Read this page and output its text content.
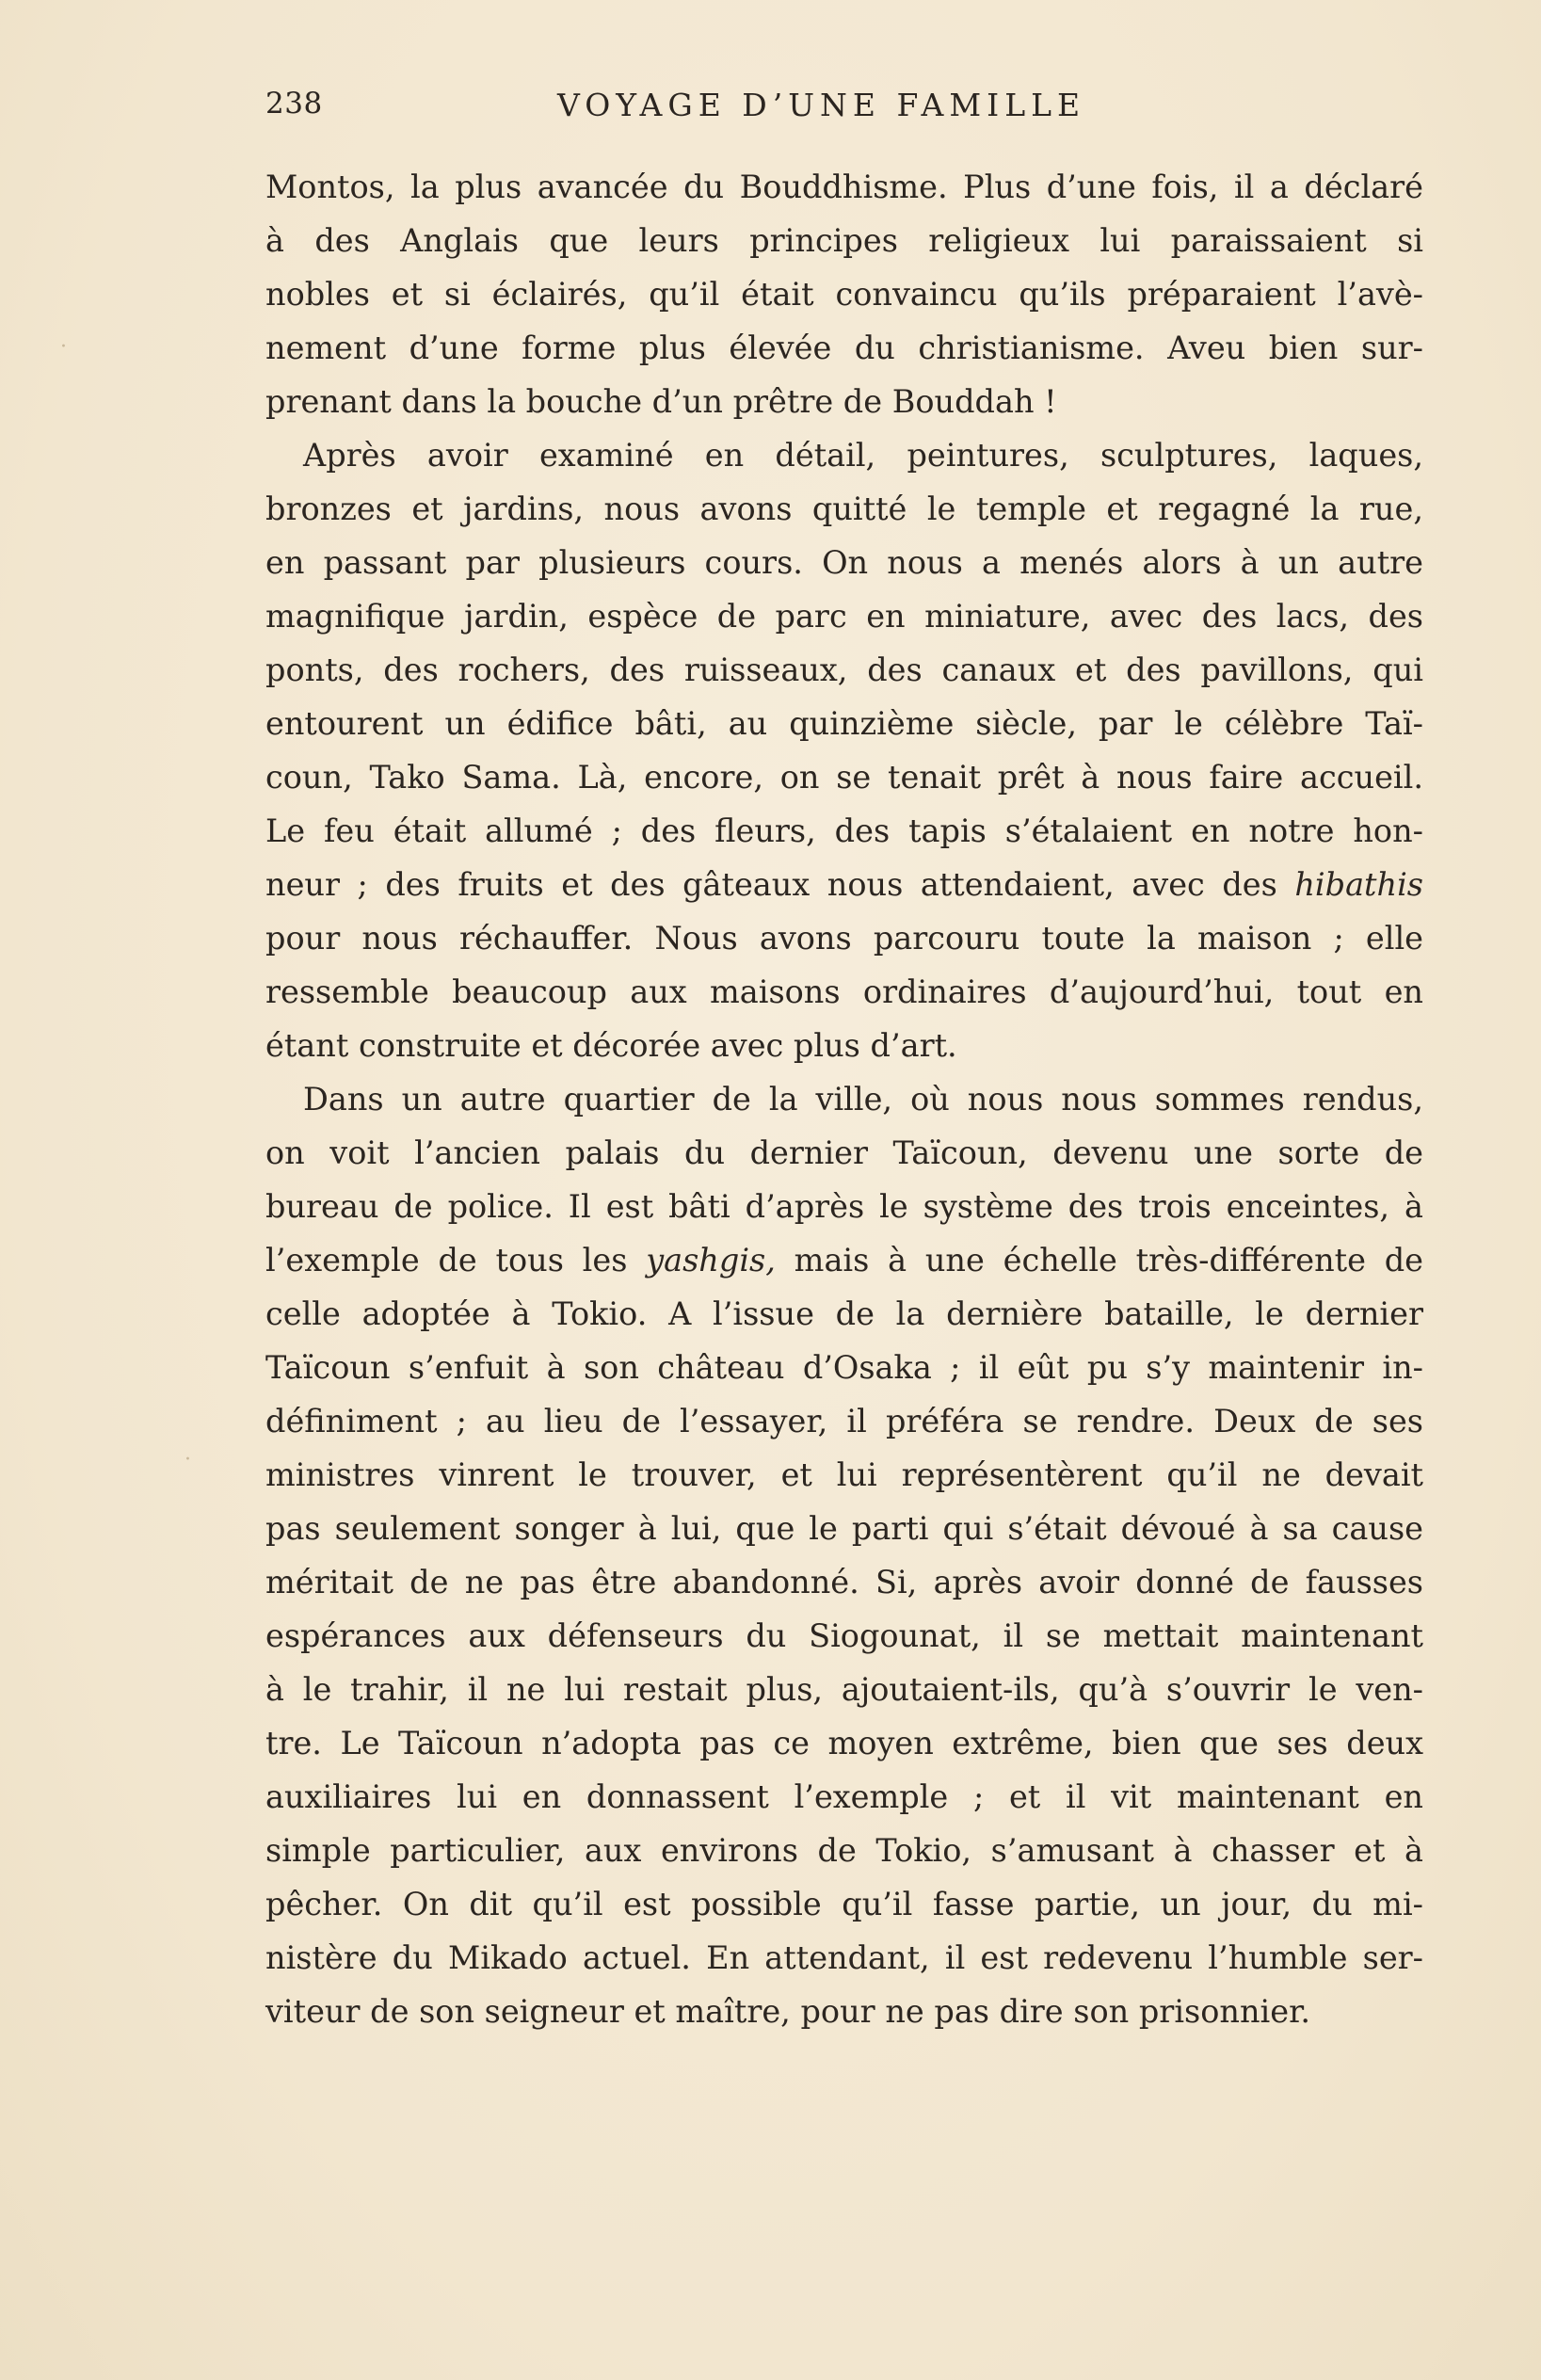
238	VOYAGE D’UNE FAMILLE
Montos, la plus avancée du Bouddhisme. Plus d’une fois, il a déclaré
à des Anglais que leurs principes religieux lui paraissaient si
nobles et si éclairés, qu’il était convaincu qu’ils préparaient l’avè-
nement d’une forme plus élevée du christianisme. Aveu bien sur-
prenant dans la bouche d’un prêtre de Bouddah !
Après avoir examiné en détail, peintures, sculptures, laques,
bronzes et jardins, nous avons quitté le temple et regagné la rue,
en passant par plusieurs cours. On nous a menés alors à un autre
magnifique jardin, espèce de parc en miniature, avec des lacs, des
ponts, des rochers, des ruisseaux, des canaux et des pavillons, qui
entourent un édifice bâti, au quinzième siècle, par le célèbre Taï-
coun, Tako Sama. Là, encore, on se tenait prêt à nous faire accueil.
Le feu était allumé ; des fleurs, des tapis s’étalaient en notre hon-
neur ; des fruits et des gâteaux nous attendaient, avec des hibathis
pour nous réchauffer. Nous avons parcouru toute la maison ; elle
ressemble beaucoup aux maisons ordinaires d’aujourd’hui, tout en
étant construite et décorée avec plus d’art.
Dans un autre quartier de la ville, où nous nous sommes rendus,
on voit l’ancien palais du dernier Taïcoun, devenu une sorte de
bureau de police. Il est bâti d’après le système des trois enceintes, à
l’exemple de tous les yashgis, mais à une échelle très-différente de
celle adoptée à Tokio. A l’issue de la dernière bataille, le dernier
Taïcoun s’enfuit à son château d’Osaka ; il eût pu s’y maintenir in-
définiment ; au lieu de l’essayer, il préféra se rendre. Deux de ses
ministres vinrent le trouver, et lui représentèrent qu’il ne devait
pas seulement songer à lui, que le parti qui s’était dévoué à sa cause
méritait de ne pas être abandonné. Si, après avoir donné de fausses
espérances aux défenseurs du Siogounat, il se mettait maintenant
à le trahir, il ne lui restait plus, ajoutaient-ils, qu’à s’ouvrir le ven-
tre. Le Taïcoun n’adopta pas ce moyen extrême, bien que ses deux
auxiliaires lui en donnassent l’exemple ; et il vit maintenant en
simple particulier, aux environs de Tokio, s’amusant à chasser et à
pêcher. On dit qu’il est possible qu’il fasse partie, un jour, du mi-
nistère du Mikado actuel. En attendant, il est redevenu l’humble ser-
viteur de son seigneur et maître, pour ne pas dire son prisonnier.
·
·
